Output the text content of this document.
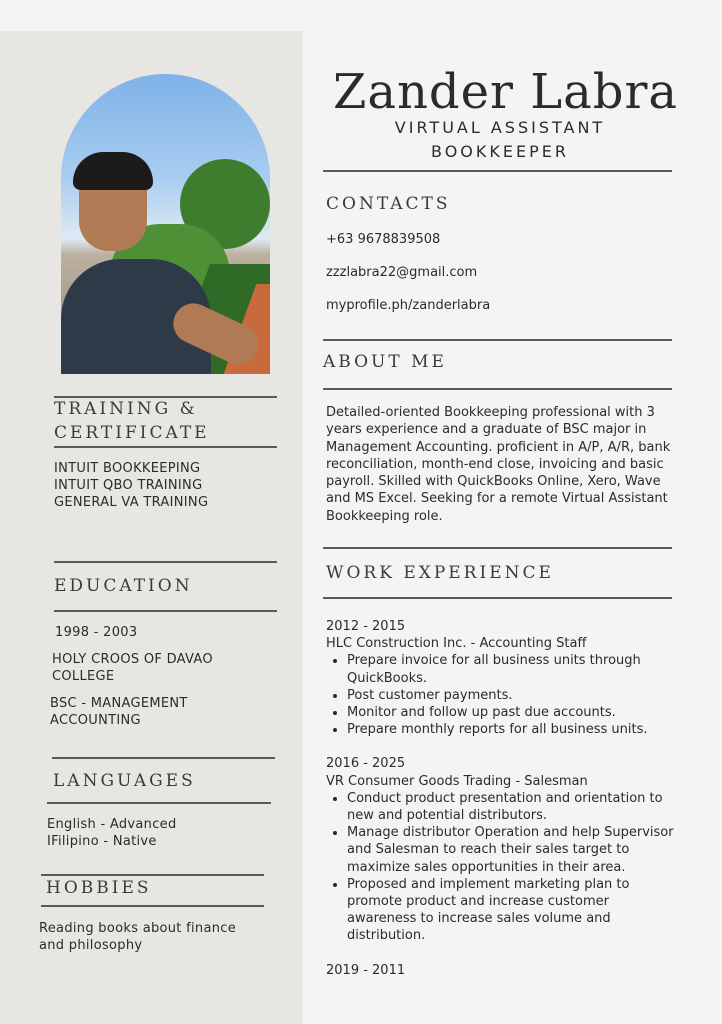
TRAINING &
CERTIFICATE
INTUIT BOOKKEEPING
INTUIT QBO TRAINING
GENERAL VA TRAINING
EDUCATION
1998 - 2003
HOLY CROOS OF DAVAO
COLLEGE
BSC - MANAGEMENT
ACCOUNTING
LANGUAGES
English - Advanced
IFilipino - Native
HOBBIES
Reading books about finance
and philosophy
Zander Labra
VIRTUAL ASSISTANT
BOOKKEEPER
CONTACTS
+63 9678839508
zzzlabra22@gmail.com
myprofile.ph/zanderlabra
ABOUT ME
Detailed-oriented Bookkeeping professional with 3 years experience and a graduate of BSC major in Management Accounting. proficient in A/P, A/R, bank reconciliation, month-end close, invoicing and basic payroll. Skilled with QuickBooks Online, Xero, Wave and MS Excel. Seeking for a remote Virtual Assistant Bookkeeping role.
WORK EXPERIENCE
2012 - 2015
HLC Construction Inc. - Accounting Staff
• Prepare invoice for all business units through QuickBooks.
• Post customer payments.
• Monitor and follow up past due accounts.
• Prepare monthly reports for all business units.
2016 - 2025
VR Consumer Goods Trading - Salesman
• Conduct product presentation and orientation to new and potential distributors.
• Manage distributor Operation and help Supervisor and Salesman to reach their sales target to maximize sales opportunities in their area.
• Proposed and implement marketing plan to promote product and increase customer awareness to increase sales volume and distribution.
2019 - 2011
